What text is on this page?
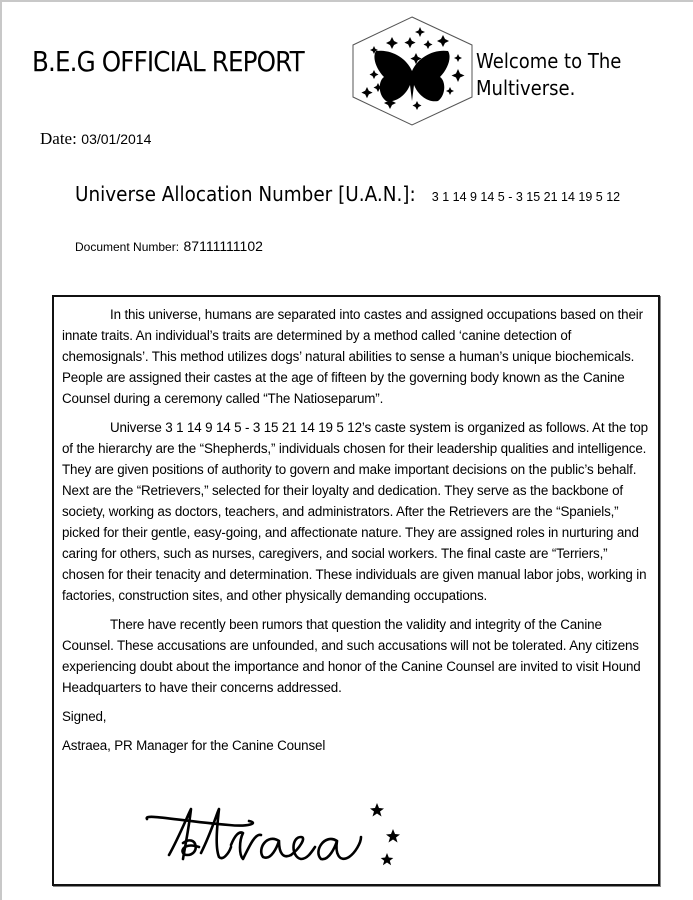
B.E.G OFFICIAL REPORT	Welcome to The
Multiverse.
Date: 03/01/2014
Universe Allocation Number [U.A.N.]: 3 1 14 9 14 5 - 3 15 21 14 19 5 12
Document Number: 87111111102

In this universe, humans are separated into castes and assigned occupations based on their innate traits. An individual’s traits are determined by a method called ‘canine detection of chemosignals’. This method utilizes dogs’ natural abilities to sense a human’s unique biochemicals. People are assigned their castes at the age of fifteen by the governing body known as the Canine Counsel during a ceremony called “The Natioseparum”.

Universe 3 1 14 9 14 5 - 3 15 21 14 19 5 12’s caste system is organized as follows. At the top of the hierarchy are the “Shepherds,” individuals chosen for their leadership qualities and intelligence. They are given positions of authority to govern and make important decisions on the public’s behalf. Next are the “Retrievers,” selected for their loyalty and dedication. They serve as the backbone of society, working as doctors, teachers, and administrators. After the Retrievers are the “Spaniels,” picked for their gentle, easy-going, and affectionate nature. They are assigned roles in nurturing and caring for others, such as nurses, caregivers, and social workers. The final caste are “Terriers,” chosen for their tenacity and determination. These individuals are given manual labor jobs, working in factories, construction sites, and other physically demanding occupations.

There have recently been rumors that question the validity and integrity of the Canine Counsel. These accusations are unfounded, and such accusations will not be tolerated. Any citizens experiencing doubt about the importance and honor of the Canine Counsel are invited to visit Hound Headquarters to have their concerns addressed.

Signed,

Astraea, PR Manager for the Canine Counsel
